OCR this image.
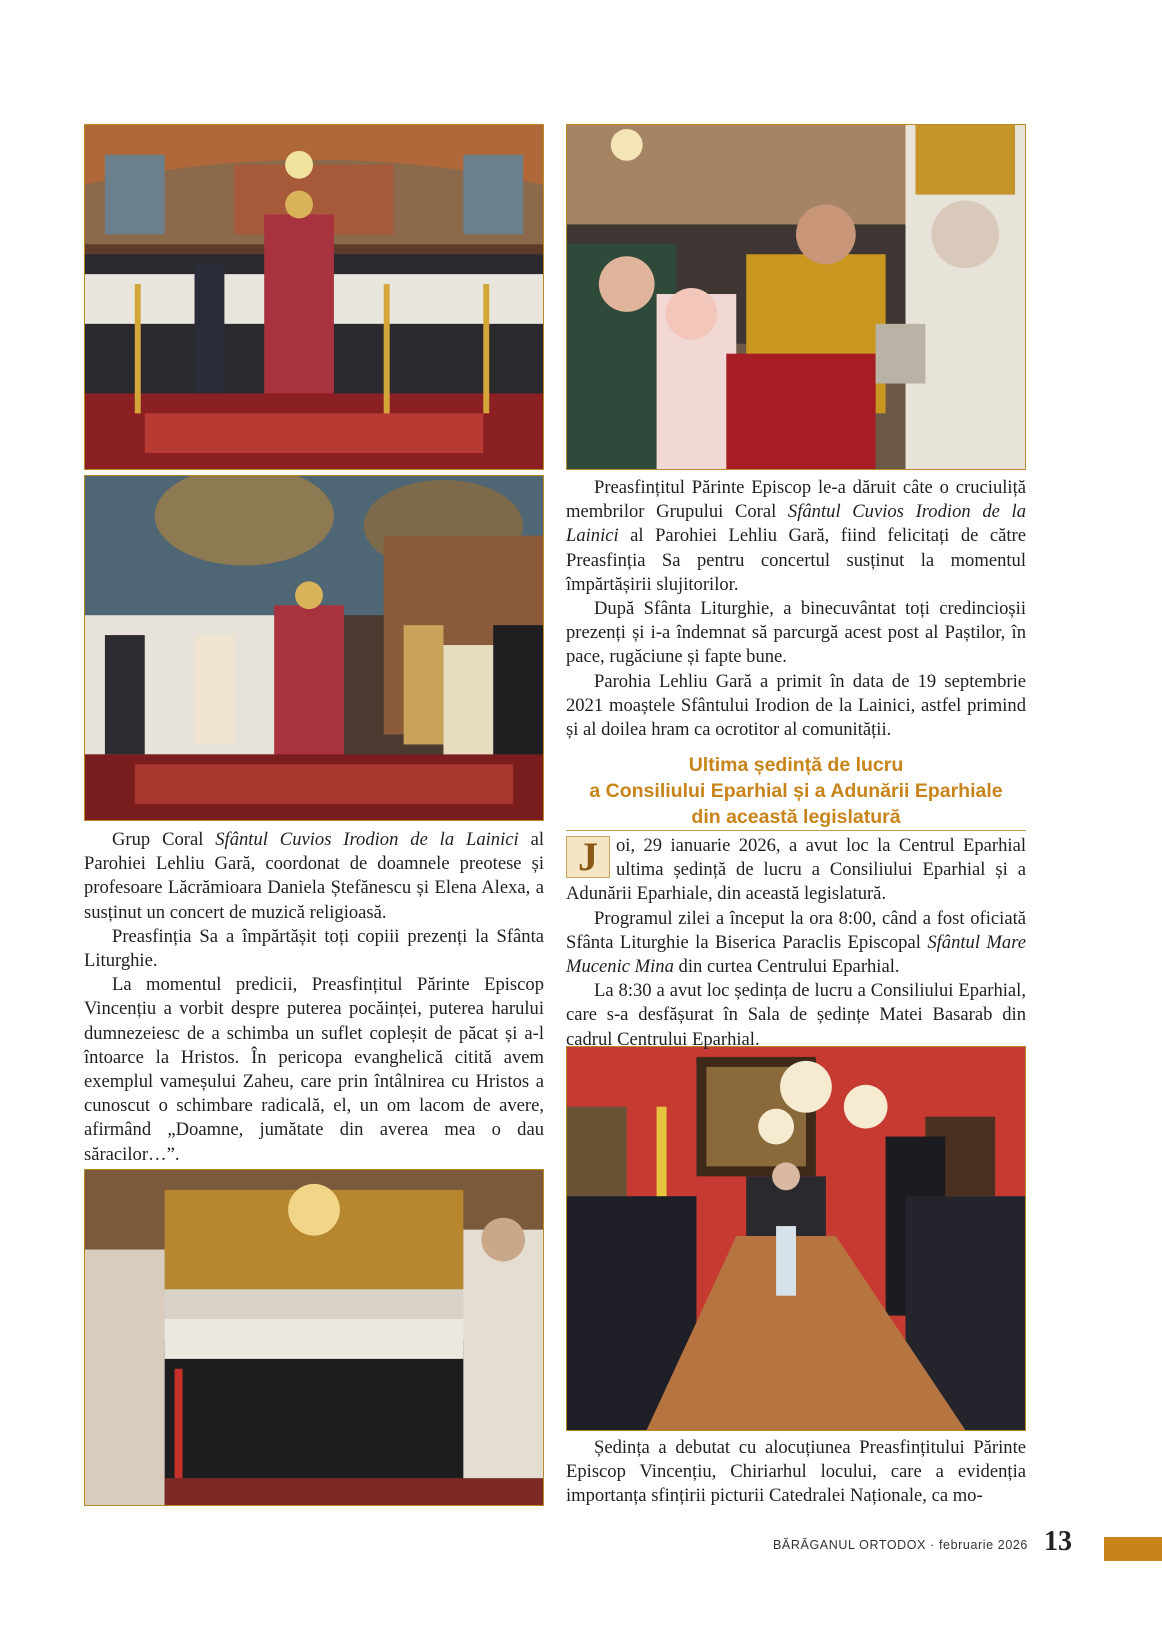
Grup Coral Sfântul Cuvios Irodion de la Lainici al Parohiei Lehliu Gară, coordonat de doamnele preotese și profesoare Lăcrămioara Daniela Ștefănescu și Elena Alexa, a susținut un concert de muzică religioasă.

Preasfinția Sa a împărtășit toți copiii prezenți la Sfânta Liturghie.

La momentul predicii, Preasfințitul Părinte Episcop Vincențiu a vorbit despre puterea pocăinței, puterea harului dumnezeiesc de a schimba un suflet copleșit de păcat și a-l întoarce la Hristos. În pericopa evanghelică citită avem exemplul vameșului Zaheu, care prin întâlnirea cu Hristos a cunoscut o schimbare radicală, el, un om lacom de avere, afirmând „Doamne, jumătate din averea mea o dau săracilor…”.

Preasfințitul Părinte Episcop le-a dăruit câte o cruciuliță membrilor Grupului Coral Sfântul Cuvios Irodion de la Lainici al Parohiei Lehliu Gară, fiind felicitați de către Preasfinția Sa pentru concertul susținut la momentul împărtășirii slujitorilor.

După Sfânta Liturghie, a binecuvântat toți credincioșii prezenți și i-a îndemnat să parcurgă acest post al Paștilor, în pace, rugăciune și fapte bune.

Parohia Lehliu Gară a primit în data de 19 septembrie 2021 moaștele Sfântului Irodion de la Lainici, astfel primind și al doilea hram ca ocrotitor al comunității.

Ultima ședință de lucru
a Consiliului Eparhial și a Adunării Eparhiale
din această legislatură

J oi, 29 ianuarie 2026, a avut loc la Centrul Eparhial ultima ședință de lucru a Consiliului Eparhial și a Adunării Eparhiale, din această legislatură.

Programul zilei a început la ora 8:00, când a fost oficiată Sfânta Liturghie la Biserica Paraclis Episcopal Sfântul Mare Mucenic Mina din curtea Centrului Eparhial.

La 8:30 a avut loc ședința de lucru a Consiliului Eparhial, care s-a desfășurat în Sala de ședințe Matei Basarab din cadrul Centrului Eparhial.

Ședința a debutat cu alocuțiunea Preasfințitului Părinte Episcop Vincențiu, Chiriarhul locului, care a evidenția importanța sfințirii picturii Catedralei Naționale, ca mo-

BĂRĂGANUL ORTODOX · februarie 2026 13
